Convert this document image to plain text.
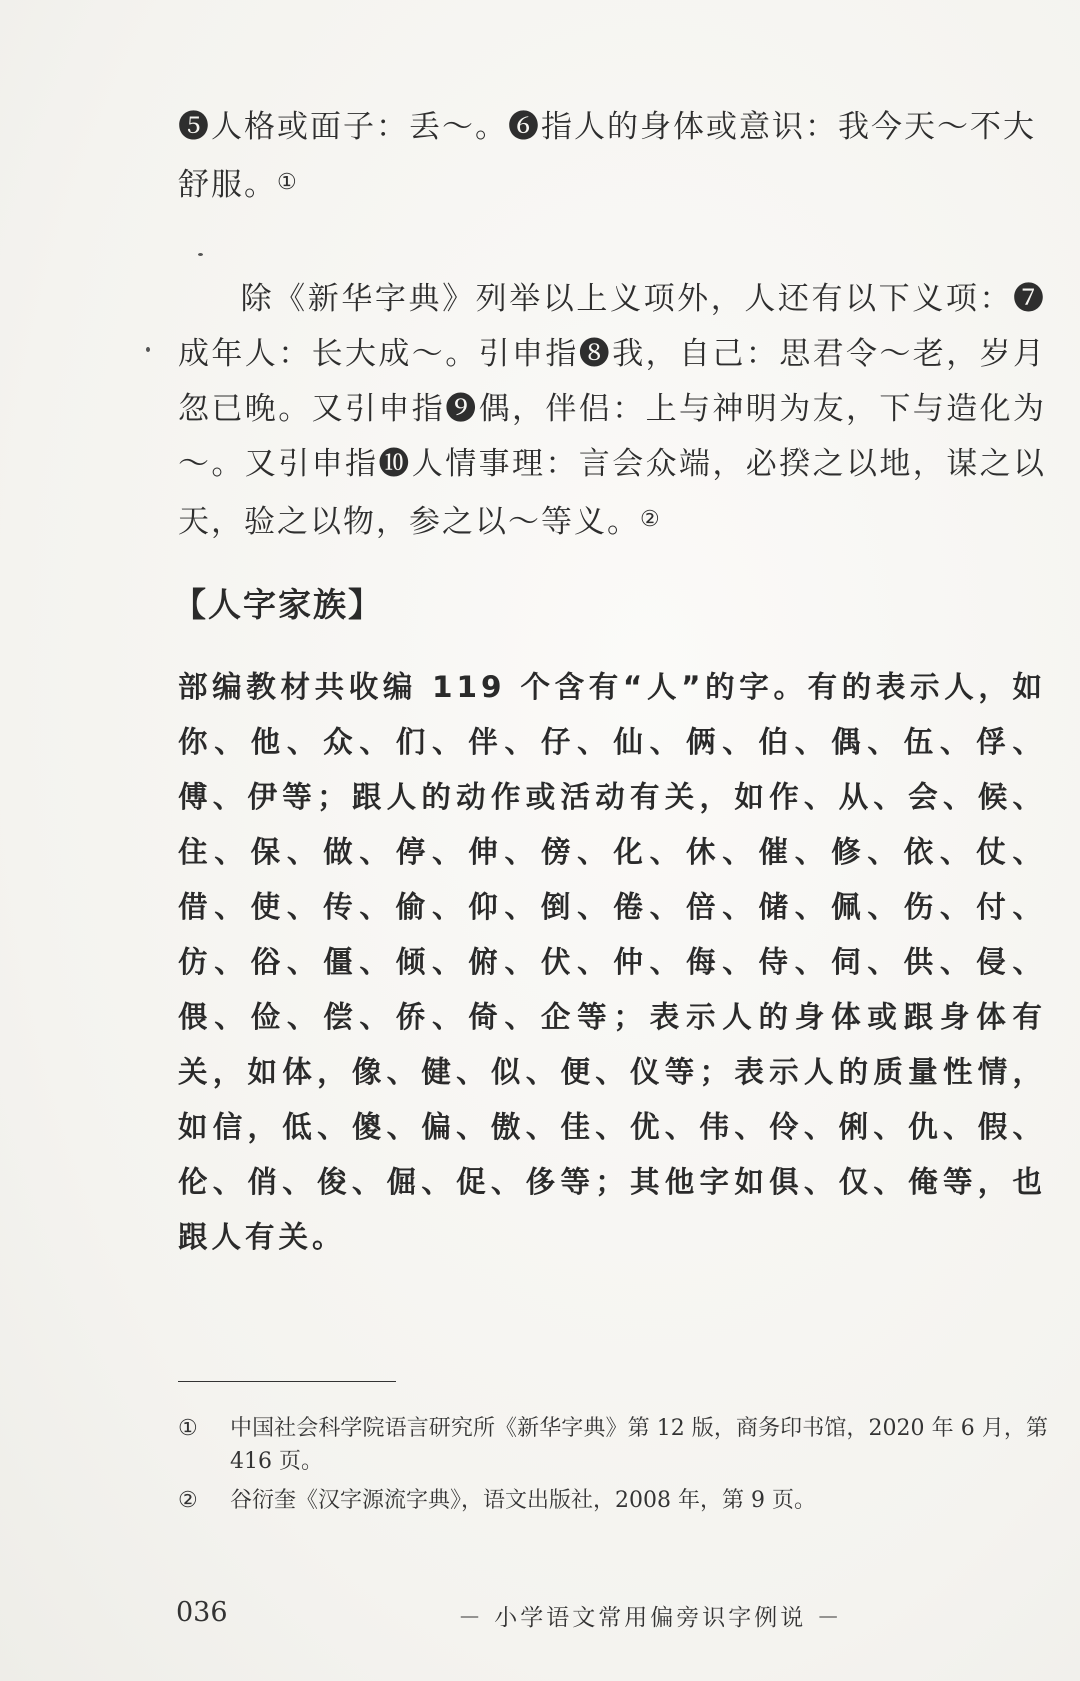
❺人格或面子：丢～。❻指人的身体或意识：我今天～不大
舒服。①

除《新华字典》列举以上义项外，人还有以下义项：❼成年人：长大成～。引申指❽我，自己：思君令～老，岁月忽已晚。又引申指❾偶，伴侣：上与神明为友，下与造化为～。又引申指❿人情事理：言会众端，必揆之以地，谋之以天，验之以物，参之以～等义。②

【人字家族】

部编教材共收编 119 个含有“人”的字。有的表示人，如你、他、众、们、伴、仔、仙、俩、伯、偶、伍、俘、傅、伊等；跟人的动作或活动有关，如作、从、会、候、住、保、做、停、伸、傍、化、休、催、修、依、仗、借、使、传、偷、仰、倒、倦、倍、储、佩、伤、付、仿、俗、僵、倾、俯、伏、仲、侮、侍、伺、供、侵、偎、俭、偿、侨、倚、企等；表示人的身体或跟身体有关，如体，像、健、似、便、仪等；表示人的质量性情，如信，低、傻、偏、傲、佳、优、伟、伶、俐、仇、假、伦、俏、俊、倔、促、侈等；其他字如俱、仅、俺等，也跟人有关。

①	中国社会科学院语言研究所《新华字典》第 12 版，商务印书馆，2020 年 6 月，第 416 页。
②	谷衍奎《汉字源流字典》，语文出版社，2008 年，第 9 页。
036	－ 小学语文常用偏旁识字例说 －
